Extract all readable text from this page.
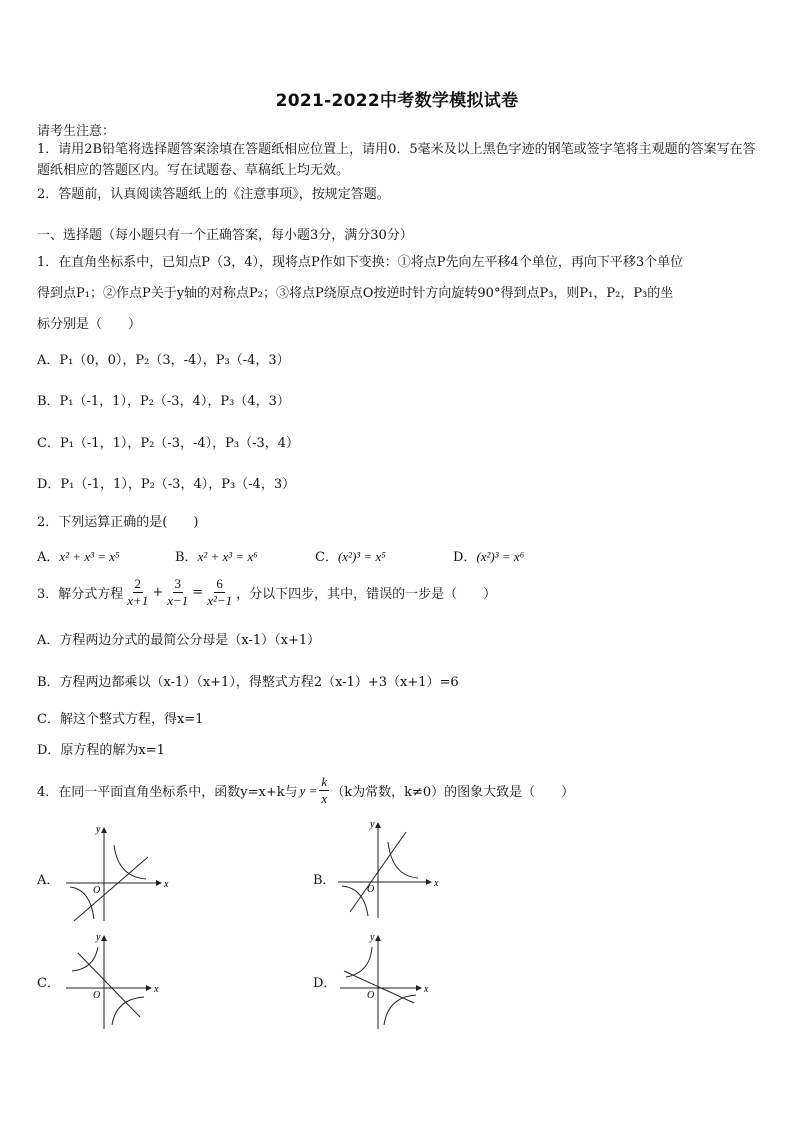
2021-2022中考数学模拟试卷
请考生注意：
1．请用2B铅笔将选择题答案涂填在答题纸相应位置上，请用0．5毫米及以上黑色字迹的钢笔或签字笔将主观题的答案写在答题纸相应的答题区内。写在试题卷、草稿纸上均无效。
2．答题前，认真阅读答题纸上的《注意事项》，按规定答题。
一、选择题（每小题只有一个正确答案，每小题3分，满分30分）
1．在直角坐标系中，已知点P（3，4），现将点P作如下变换：①将点P先向左平移4个单位，再向下平移3个单位
得到点P₁；②作点P关于y轴的对称点P₂；③将点P绕原点O按逆时针方向旋转90°得到点P₃，则P₁，P₂，P₃的坐
标分别是（　　）
A．P₁（0，0），P₂（3，-4），P₃（-4，3）
B．P₁（-1，1），P₂（-3，4），P₃（4，3）
C．P₁（-1，1），P₂（-3，-4），P₃（-3，4）
D．P₁（-1，1），P₂（-3，4），P₃（-4，3）
2．下列运算正确的是(　　)
A．x² + x³ = x⁵	B．x² + x³ = x⁶	C．(x²)³ = x⁵	D．(x²)³ = x⁶
3．解分式方程 $\frac{2}{x+1} + \frac{3}{x-1} = \frac{6}{\text{x²−1}}$ ，分以下四步，其中，错误的一步是（　　）
A．方程两边分式的最简公分母是（x-1）（x+1）
B．方程两边都乘以（x-1）（x+1），得整式方程2（x-1）+3（x+1）=6
C．解这个整式方程，得x=1
D．原方程的解为x=1
4．在同一平面直角坐标系中，函数y=x+k与 $y = \frac{k}{x} (k$为常数，k≠0）的图象大致是（　　）
A．	B．
C．	D．
y
x
O
y
x
O
y
x
O
y
x
O
